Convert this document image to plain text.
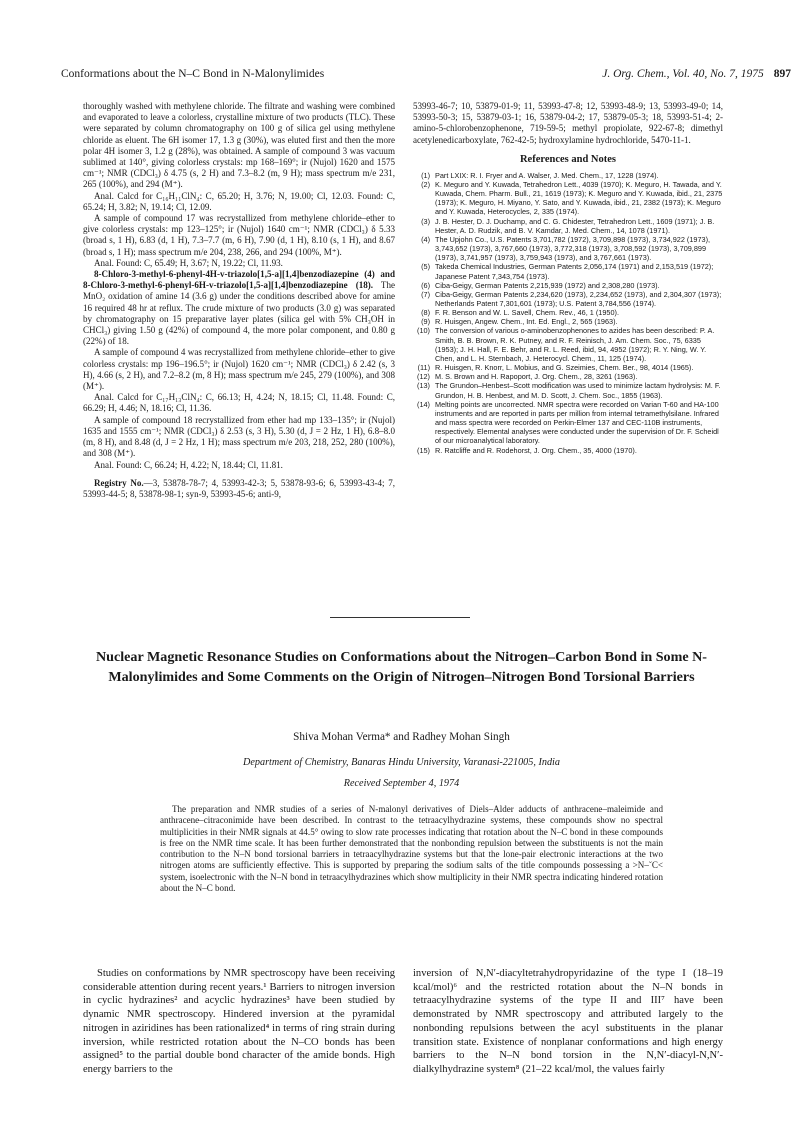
Conformations about the N–C Bond in N-Malonylimides	J. Org. Chem., Vol. 40, No. 7, 1975 897

thoroughly washed with methylene chloride. The filtrate and washing were combined and evaporated to leave a colorless, crystalline mixture of two products (TLC). These were separated by column chromatography on 100 g of silica gel using methylene chloride as eluent. The 6H isomer 17, 1.3 g (30%), was eluted first and then the more polar 4H isomer 3, 1.2 g (28%), was obtained. A sample of compound 3 was vacuum sublimed at 140°, giving colorless crystals: mp 168–169°; ir (Nujol) 1620 and 1575 cm⁻¹; NMR (CDCl₃) δ 4.75 (s, 2 H) and 7.3–8.2 (m, 9 H); mass spectrum m/e 231, 265 (100%), and 294 (M⁺).

Anal. Calcd for C₁₆H₁₁ClN₄: C, 65.20; H, 3.76; N, 19.00; Cl, 12.03. Found: C, 65.24; H, 3.82; N, 19.14; Cl, 12.09.

A sample of compound 17 was recrystallized from methylene chloride–ether to give colorless crystals: mp 123–125°; ir (Nujol) 1640 cm⁻¹; NMR (CDCl₃) δ 5.33 (broad s, 1 H), 6.83 (d, 1 H), 7.3–7.7 (m, 6 H), 7.90 (d, 1 H), 8.10 (s, 1 H), and 8.67 (broad s, 1 H); mass spectrum m/e 204, 238, 266, and 294 (100%, M⁺).

Anal. Found: C, 65.49; H, 3.67; N, 19.22; Cl, 11.93.

8-Chloro-3-methyl-6-phenyl-4H-v-triazolo[1,5-a][1,4]benzodiazepine (4) and 8-Chloro-3-methyl-6-phenyl-6H-v-triazolo[1,5-a][1,4]benzodiazepine (18). The MnO₂ oxidation of amine 14 (3.6 g) under the conditions described above for amine 16 required 48 hr at reflux. The crude mixture of two products (3.0 g) was separated by chromatography on 15 preparative layer plates (silica gel with 5% CH₃OH in CHCl₃) giving 1.50 g (42%) of compound 4, the more polar component, and 0.80 g (22%) of 18.

A sample of compound 4 was recrystallized from methylene chloride–ether to give colorless crystals: mp 196–196.5°; ir (Nujol) 1620 cm⁻¹; NMR (CDCl₃) δ 2.42 (s, 3 H), 4.66 (s, 2 H), and 7.2–8.2 (m, 8 H); mass spectrum m/e 245, 279 (100%), and 308 (M⁺).

Anal. Calcd for C₁₇H₁₃ClN₄: C, 66.13; H, 4.24; N, 18.15; Cl, 11.48. Found: C, 66.29; H, 4.46; N, 18.16; Cl, 11.36.

A sample of compound 18 recrystallized from ether had mp 133–135°; ir (Nujol) 1635 and 1555 cm⁻¹; NMR (CDCl₃) δ 2.53 (s, 3 H), 5.30 (d, J = 2 Hz, 1 H), 6.8–8.0 (m, 8 H), and 8.48 (d, J = 2 Hz, 1 H); mass spectrum m/e 203, 218, 252, 280 (100%), and 308 (M⁺).

Anal. Found: C, 66.24; H, 4.22; N, 18.44; Cl, 11.81.

Registry No.—3, 53878-78-7; 4, 53993-42-3; 5, 53878-93-6; 6, 53993-43-4; 7, 53993-44-5; 8, 53878-98-1; syn-9, 53993-45-6; anti-9,

53993-46-7; 10, 53879-01-9; 11, 53993-47-8; 12, 53993-48-9; 13, 53993-49-0; 14, 53993-50-3; 15, 53879-03-1; 16, 53879-04-2; 17, 53879-05-3; 18, 53993-51-4; 2-amino-5-chlorobenzophenone, 719-59-5; methyl propiolate, 922-67-8; dimethyl acetylenedicarboxylate, 762-42-5; hydroxylamine hydrochloride, 5470-11-1.

References and Notes
(1) Part LXIX: R. I. Fryer and A. Walser, J. Med. Chem., 17, 1228 (1974).
(2) K. Meguro and Y. Kuwada, Tetrahedron Lett., 4039 (1970); K. Meguro, H. Tawada, and Y. Kuwada, Chem. Pharm. Bull., 21, 1619 (1973); K. Meguro and Y. Kuwada, ibid., 21, 2375 (1973); K. Meguro, H. Miyano, Y. Sato, and Y. Kuwada, ibid., 21, 2382 (1973); K. Meguro and Y. Kuwada, Heterocycles, 2, 335 (1974).
(3) J. B. Hester, D. J. Duchamp, and C. G. Chidester, Tetrahedron Lett., 1609 (1971); J. B. Hester, A. D. Rudzik, and B. V. Kamdar, J. Med. Chem., 14, 1078 (1971).
(4) The Upjohn Co., U.S. Patents 3,701,782 (1972), 3,709,898 (1973), 3,734,922 (1973), 3,743,652 (1973), 3,767,660 (1973), 3,772,318 (1973), 3,708,592 (1973), 3,709,899 (1973), 3,741,957 (1973), 3,759,943 (1973), and 3,767,661 (1973).
(5) Takeda Chemical Industries, German Patents 2,056,174 (1971) and 2,153,519 (1972); Japanese Patent 7,343,754 (1973).
(6) Ciba-Geigy, German Patents 2,215,939 (1972) and 2,308,280 (1973).
(7) Ciba-Geigy, German Patents 2,234,620 (1973), 2,234,652 (1973), and 2,304,307 (1973); Netherlands Patent 7,301,601 (1973); U.S. Patent 3,784,556 (1974).
(8) F. R. Benson and W. L. Savell, Chem. Rev., 46, 1 (1950).
(9) R. Huisgen, Angew. Chem., Int. Ed. Engl., 2, 565 (1963).
(10) The conversion of various o-aminobenzophenones to azides has been described: P. A. Smith, B. B. Brown, R. K. Putney, and R. F. Reinisch, J. Am. Chem. Soc., 75, 6335 (1953); J. H. Hall, F. E. Behr, and R. L. Reed, ibid, 94, 4952 (1972); R. Y. Ning, W. Y. Chen, and L. H. Sternbach, J. Heterocycl. Chem., 11, 125 (1974).
(11) R. Huisgen, R. Knorr, L. Mobius, and G. Szeimies, Chem. Ber., 98, 4014 (1965).
(12) M. S. Brown and H. Rapoport, J. Org. Chem., 28, 3261 (1963).
(13) The Grundon–Henbest–Scott modification was used to minimize lactam hydrolysis: M. F. Grundon, H. B. Henbest, and M. D. Scott, J. Chem. Soc., 1855 (1963).
(14) Melting points are uncorrected. NMR spectra were recorded on Varian T-60 and HA-100 instruments and are reported in parts per million from internal tetramethylsilane. Infrared and mass spectra were recorded on Perkin-Elmer 137 and CEC-110B instruments, respectively. Elemental analyses were conducted under the supervision of Dr. F. Scheidl of our microanalytical laboratory.
(15) R. Ratcliffe and R. Rodehorst, J. Org. Chem., 35, 4000 (1970).
Nuclear Magnetic Resonance Studies on Conformations about the Nitrogen–Carbon Bond in Some N-Malonylimides and Some Comments on the Origin of Nitrogen–Nitrogen Bond Torsional Barriers
Shiva Mohan Verma* and Radhey Mohan Singh
Department of Chemistry, Banaras Hindu University, Varanasi-221005, India
Received September 4, 1974

The preparation and NMR studies of a series of N-malonyl derivatives of Diels–Alder adducts of anthracene–maleimide and anthracene–citraconimide have been described. In contrast to the tetraacylhydrazine systems, these compounds show no spectral multiplicities in their NMR signals at 44.5° owing to slow rate processes indicating that rotation about the N–C bond in these compounds is free on the NMR time scale. It has been further demonstrated that the nonbonding repulsion between the substituents is not the main contribution to the N–N bond torsional barriers in tetraacylhydrazine systems but that the lone-pair electronic interactions at the two nitrogen atoms are sufficiently effective. This is supported by preparing the sodium salts of the title compounds possessing a >N–˘C< system, isoelectronic with the N–N bond in tetraacylhydrazines which show multiplicity in their NMR spectra indicating hindered rotation about the N–C bond.

Studies on conformations by NMR spectroscopy have been receiving considerable attention during recent years.¹ Barriers to nitrogen inversion in cyclic hydrazines² and acyclic hydrazines³ have been studied by dynamic NMR spectroscopy. Hindered inversion at the pyramidal nitrogen in aziridines has been rationalized⁴ in terms of ring strain during inversion, while restricted rotation about the N–CO bonds has been assigned⁵ to the partial double bond character of the amide bonds. High energy barriers to the

inversion of N,N′-diacyltetrahydropyridazine of the type I (18–19 kcal/mol)⁶ and the restricted rotation about the N–N bonds in tetraacylhydrazine systems of the type II and III⁷ have been demonstrated by NMR spectroscopy and attributed largely to the nonbonding repulsions between the acyl substituents in the planar transition state. Existence of nonplanar conformations and high energy barriers to the N–N bond torsion in the N,N′-diacyl-N,N′-dialkylhydrazine system⁸ (21–22 kcal/mol, the values fairly
